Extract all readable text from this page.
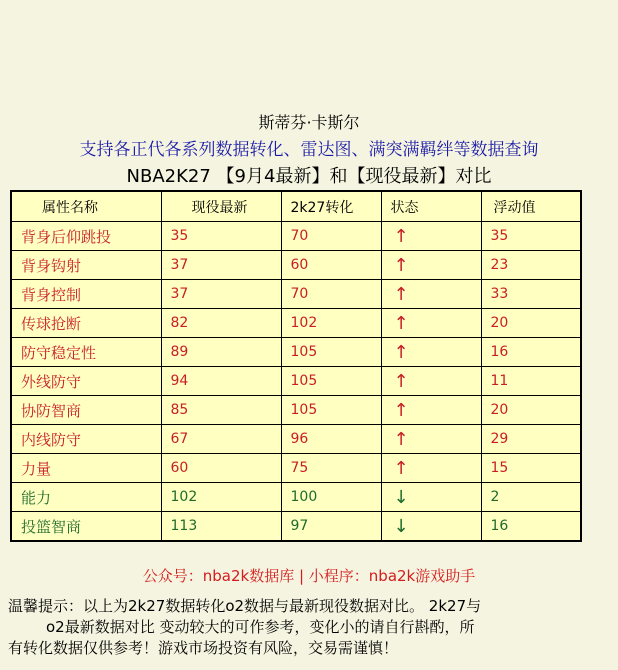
斯蒂芬·卡斯尔
支持各正代各系列数据转化、雷达图、满突满羁绊等数据查询
NBA2K27 【9月4最新】和【现役最新】对比
属性名称	现役最新	2k27转化	状态	浮动值
背身后仰跳投	35	70	↑	35
背身钩射	37	60	↑	23
背身控制	37	70	↑	33
传球抢断	82	102	↑	20
防守稳定性	89	105	↑	16
外线防守	94	105	↑	11
协防智商	85	105	↑	20
内线防守	67	96	↑	29
力量	60	75	↑	15
能力	102	100	↓	2
投篮智商	113	97	↓	16
公众号：nba2k数据库 | 小程序：nba2k游戏助手
温馨提示：以上为2k27数据转化o2数据与最新现役数据对比。 2k27与
o2最新数据对比 变动较大的可作参考，变化小的请自行斟酌，所
有转化数据仅供参考！游戏市场投资有风险，交易需谨慎！
